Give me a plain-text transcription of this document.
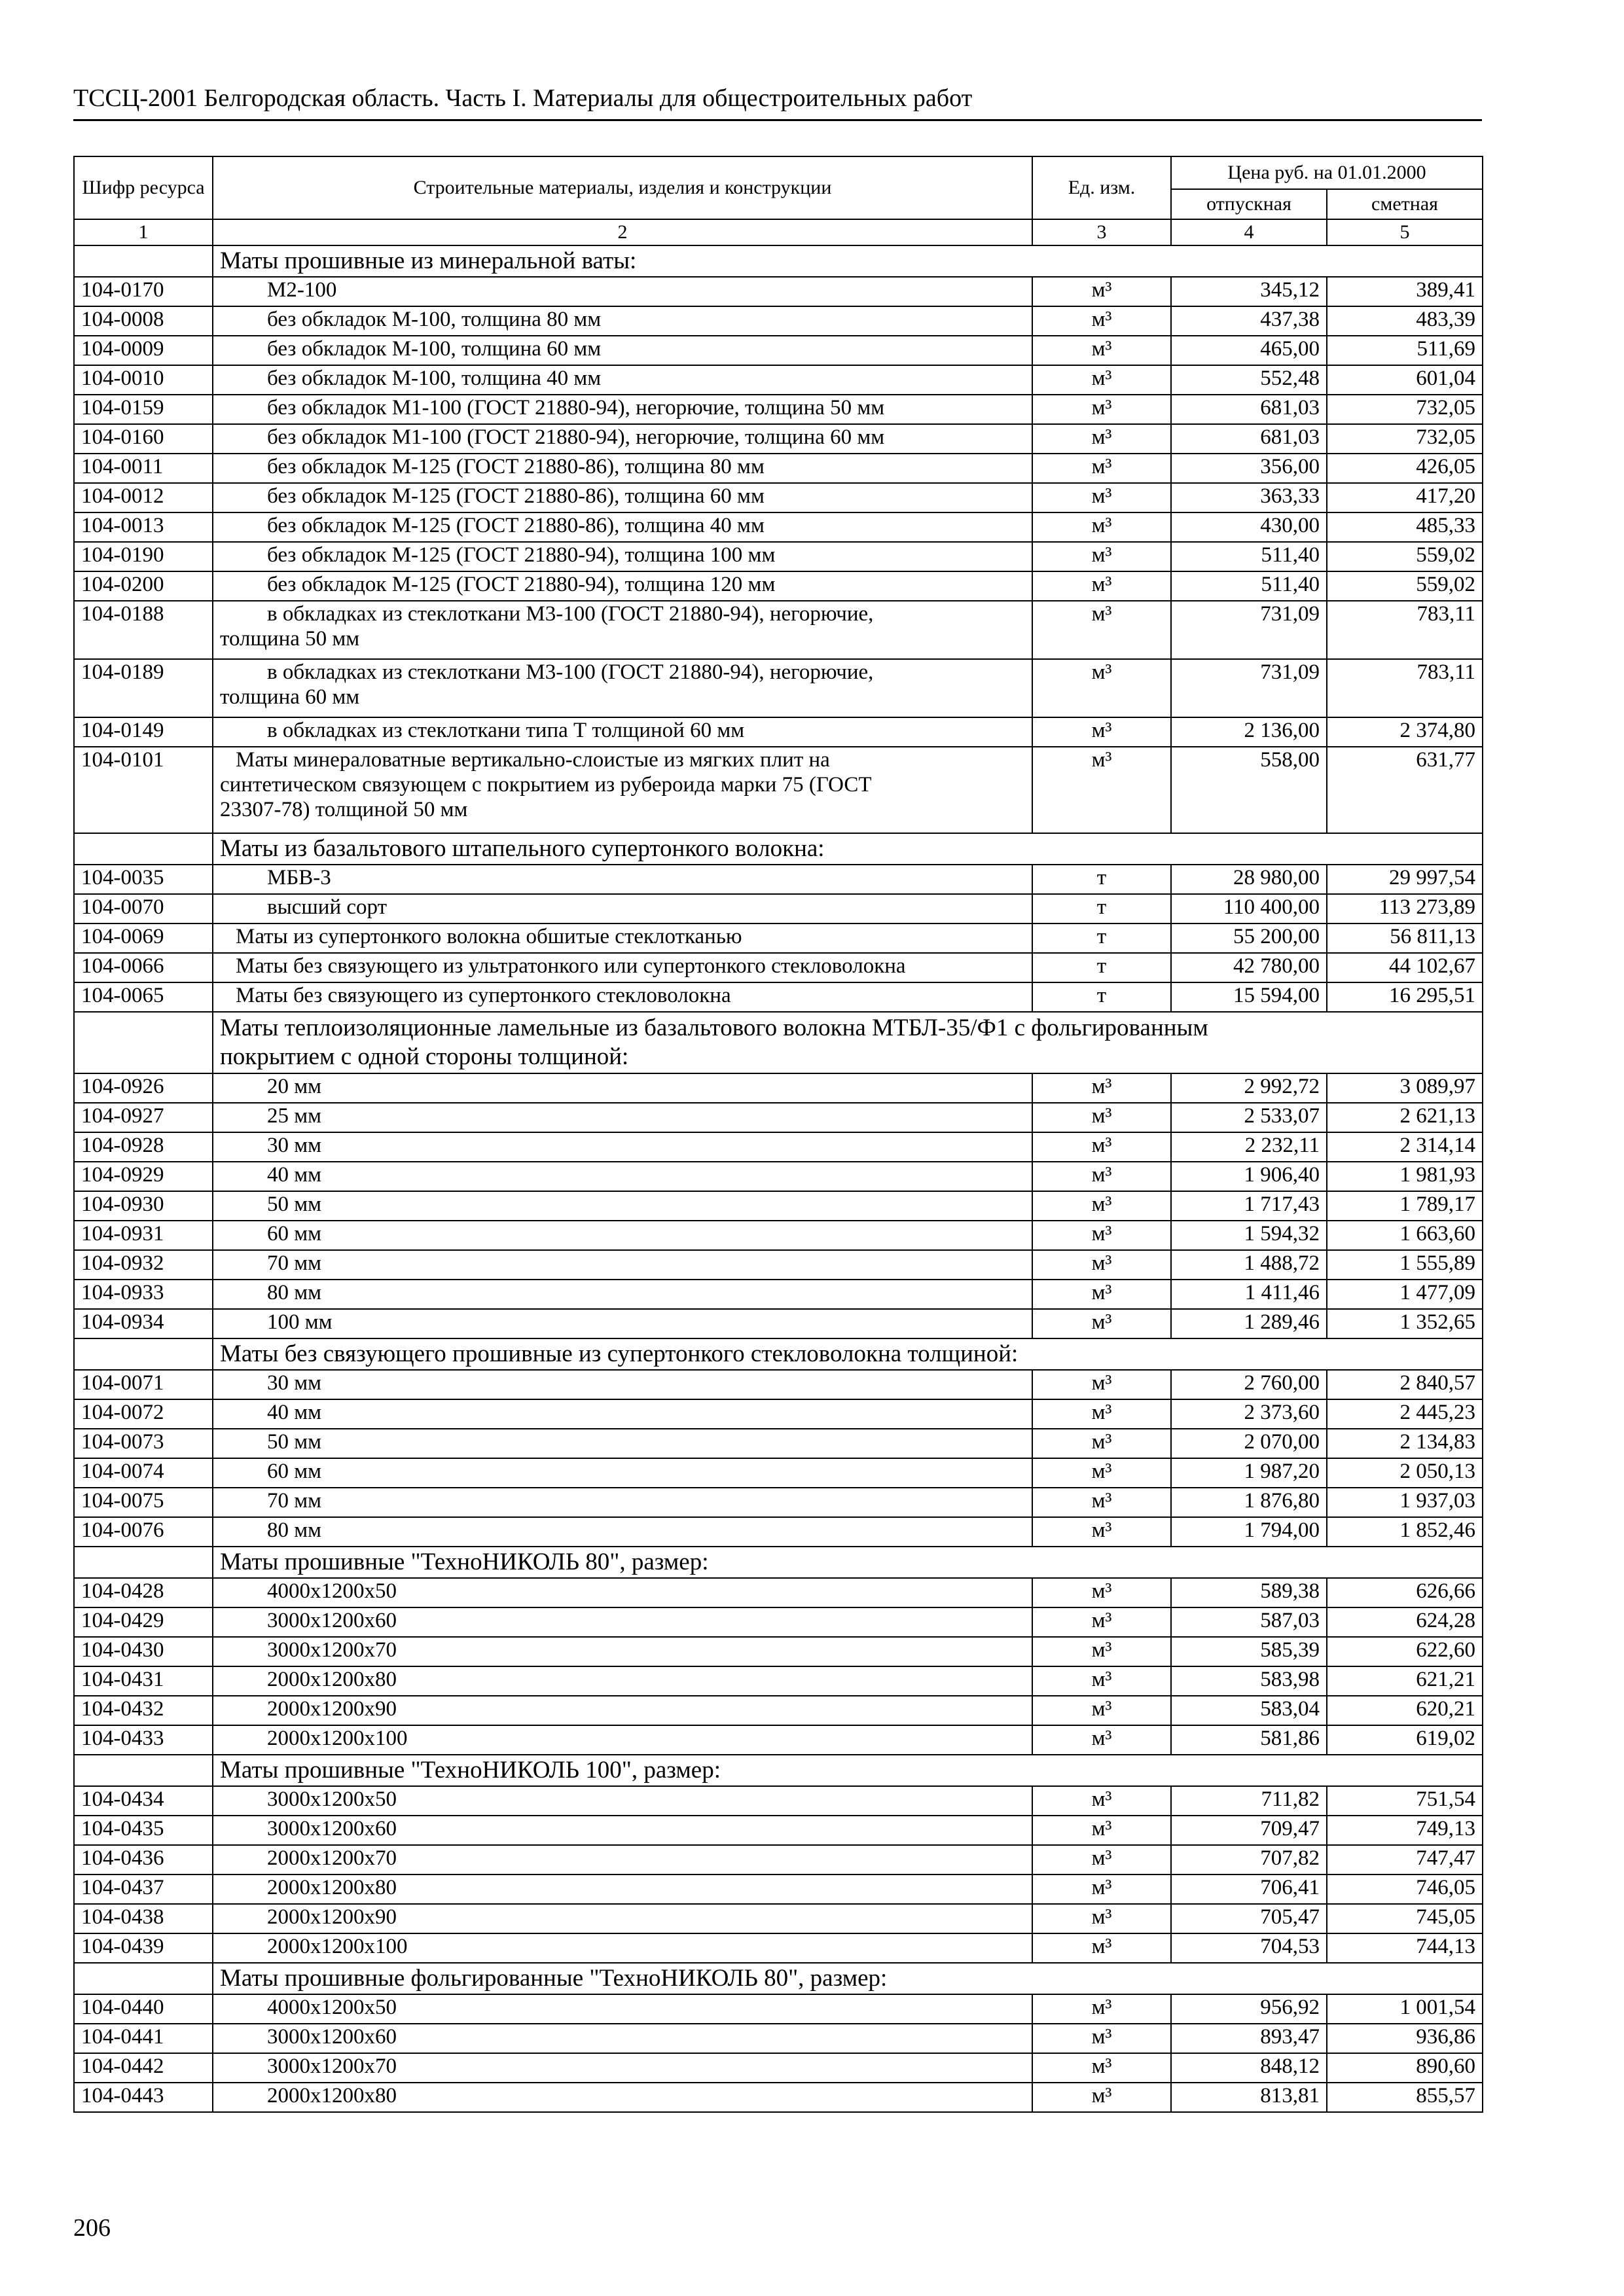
ТССЦ-2001 Белгородская область. Часть I. Материалы для общестроительных работ
Шифр ресурса	Строительные материалы, изделия и конструкции	Ед. изм.	Цена руб. на 01.01.2000	
			отпускная	сметная
1	2	3	4	5

	Маты прошивные из минеральной ваты:			

104-0170	М2-100	м³	345,12	389,41
104-0008	без обкладок М-100, толщина 80 мм	м³	437,38	483,39
104-0009	без обкладок М-100, толщина 60 мм	м³	465,00	511,69
104-0010	без обкладок М-100, толщина 40 мм	м³	552,48	601,04
104-0159	без обкладок М1-100 (ГОСТ 21880-94), негорючие, толщина 50 мм	м³	681,03	732,05
104-0160	без обкладок М1-100 (ГОСТ 21880-94), негорючие, толщина 60 мм	м³	681,03	732,05
104-0011	без обкладок М-125 (ГОСТ 21880-86), толщина 80 мм	м³	356,00	426,05
104-0012	без обкладок М-125 (ГОСТ 21880-86), толщина 60 мм	м³	363,33	417,20
104-0013	без обкладок М-125 (ГОСТ 21880-86), толщина 40 мм	м³	430,00	485,33
104-0190	без обкладок М-125 (ГОСТ 21880-94), толщина 100 мм	м³	511,40	559,02
104-0200	без обкладок М-125 (ГОСТ 21880-94), толщина 120 мм	м³	511,40	559,02
104-0188	в обкладках из стеклоткани М3-100 (ГОСТ 21880-94), негорючие,
толщина 50 мм	м³	731,09	783,11
104-0189	в обкладках из стеклоткани М3-100 (ГОСТ 21880-94), негорючие,
толщина 60 мм	м³	731,09	783,11
104-0149	в обкладках из стеклоткани типа Т толщиной 60 мм	м³	2 136,00	2 374,80
104-0101	Маты минераловатные вертикально-слоистые из мягких плит на
синтетическом связующем с покрытием из рубероида марки 75 (ГОСТ
23307-78) толщиной 50 мм	м³	558,00	631,77

	Маты из базальтового штапельного супертонкого волокна:			

104-0035	МБВ-3	т	28 980,00	29 997,54
104-0070	высший сорт	т	110 400,00	113 273,89
104-0069	Маты из супертонкого волокна обшитые стеклотканью	т	55 200,00	56 811,13
104-0066	Маты без связующего из ультратонкого или супертонкого стекловолокна	т	42 780,00	44 102,67
104-0065	Маты без связующего из супертонкого стекловолокна	т	15 594,00	16 295,51

	Маты теплоизоляционные ламельные из базальтового волокна МТБЛ-35/Ф1 с фольгированным
покрытием с одной стороны толщиной:			

104-0926	20 мм	м³	2 992,72	3 089,97
104-0927	25 мм	м³	2 533,07	2 621,13
104-0928	30 мм	м³	2 232,11	2 314,14
104-0929	40 мм	м³	1 906,40	1 981,93
104-0930	50 мм	м³	1 717,43	1 789,17
104-0931	60 мм	м³	1 594,32	1 663,60
104-0932	70 мм	м³	1 488,72	1 555,89
104-0933	80 мм	м³	1 411,46	1 477,09
104-0934	100 мм	м³	1 289,46	1 352,65

	Маты без связующего прошивные из супертонкого стекловолокна толщиной:			

104-0071	30 мм	м³	2 760,00	2 840,57
104-0072	40 мм	м³	2 373,60	2 445,23
104-0073	50 мм	м³	2 070,00	2 134,83
104-0074	60 мм	м³	1 987,20	2 050,13
104-0075	70 мм	м³	1 876,80	1 937,03
104-0076	80 мм	м³	1 794,00	1 852,46

	Маты прошивные "ТехноНИКОЛЬ 80", размер:			

104-0428	4000х1200х50	м³	589,38	626,66
104-0429	3000х1200х60	м³	587,03	624,28
104-0430	3000х1200х70	м³	585,39	622,60
104-0431	2000х1200х80	м³	583,98	621,21
104-0432	2000х1200х90	м³	583,04	620,21
104-0433	2000х1200х100	м³	581,86	619,02

	Маты прошивные "ТехноНИКОЛЬ 100", размер:			

104-0434	3000х1200х50	м³	711,82	751,54
104-0435	3000х1200х60	м³	709,47	749,13
104-0436	2000х1200х70	м³	707,82	747,47
104-0437	2000х1200х80	м³	706,41	746,05
104-0438	2000х1200х90	м³	705,47	745,05
104-0439	2000х1200х100	м³	704,53	744,13

	Маты прошивные фольгированные "ТехноНИКОЛЬ 80", размер:			

104-0440	4000х1200х50	м³	956,92	1 001,54
104-0441	3000х1200х60	м³	893,47	936,86
104-0442	3000х1200х70	м³	848,12	890,60
104-0443	2000х1200х80	м³	813,81	855,57
206
